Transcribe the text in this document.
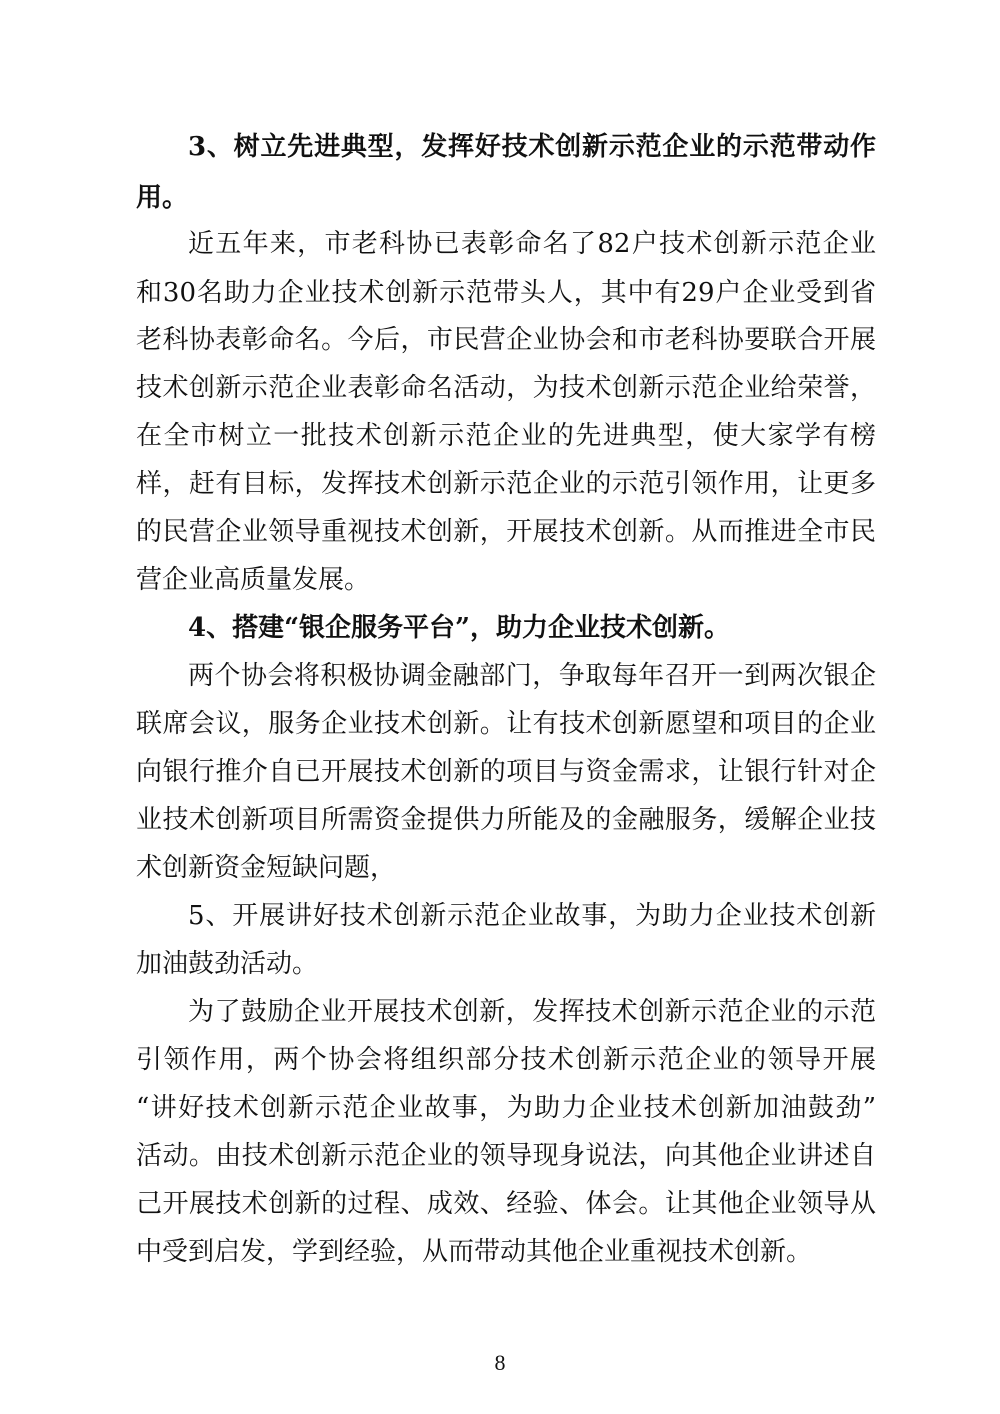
3、树立先进典型，发挥好技术创新示范企业的示范带动作
用。
近五年来，市老科协已表彰命名了82户技术创新示范企业
和30名助力企业技术创新示范带头人，其中有29户企业受到省
老科协表彰命名。今后，市民营企业协会和市老科协要联合开展
技术创新示范企业表彰命名活动，为技术创新示范企业给荣誉，
在全市树立一批技术创新示范企业的先进典型，使大家学有榜
样，赶有目标，发挥技术创新示范企业的示范引领作用，让更多
的民营企业领导重视技术创新，开展技术创新。从而推进全市民
营企业高质量发展。
4、搭建“银企服务平台”，助力企业技术创新。
两个协会将积极协调金融部门，争取每年召开一到两次银企
联席会议，服务企业技术创新。让有技术创新愿望和项目的企业
向银行推介自已开展技术创新的项目与资金需求，让银行针对企
业技术创新项目所需资金提供力所能及的金融服务，缓解企业技
术创新资金短缺问题，
5、开展讲好技术创新示范企业故事，为助力企业技术创新
加油鼓劲活动。
为了鼓励企业开展技术创新，发挥技术创新示范企业的示范
引领作用，两个协会将组织部分技术创新示范企业的领导开展
“讲好技术创新示范企业故事，为助力企业技术创新加油鼓劲”
活动。由技术创新示范企业的领导现身说法，向其他企业讲述自
己开展技术创新的过程、成效、经验、体会。让其他企业领导从
中受到启发，学到经验，从而带动其他企业重视技术创新。
8
